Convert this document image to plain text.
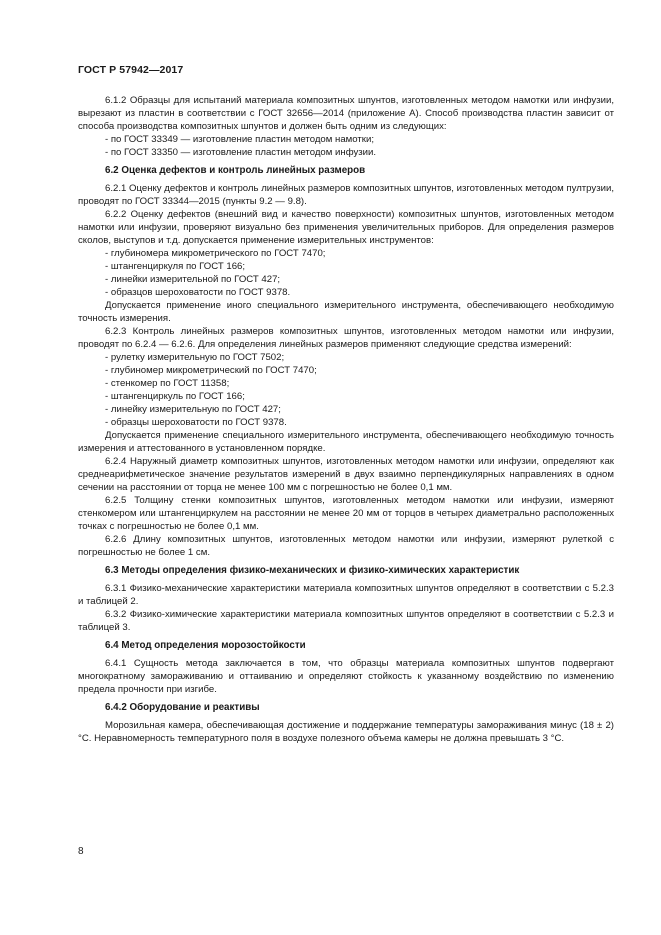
ГОСТ Р 57942—2017

6.1.2 Образцы для испытаний материала композитных шпунтов, изготовленных методом намотки или инфузии, вырезают из пластин в соответствии с ГОСТ 32656—2014 (приложение А). Способ производства пластин зависит от способа производства композитных шпунтов и должен быть одним из следующих:

- по ГОСТ 33349 — изготовление пластин методом намотки;

- по ГОСТ 33350 — изготовление пластин методом инфузии.

6.2 Оценка дефектов и контроль линейных размеров

6.2.1 Оценку дефектов и контроль линейных размеров композитных шпунтов, изготовленных методом пултрузии, проводят по ГОСТ 33344—2015 (пункты 9.2 — 9.8).

6.2.2 Оценку дефектов (внешний вид и качество поверхности) композитных шпунтов, изготовленных методом намотки или инфузии, проверяют визуально без применения увеличительных приборов. Для определения размеров сколов, выступов и т.д. допускается применение измерительных инструментов:

- глубиномера микрометрического по ГОСТ 7470;

- штангенциркуля по ГОСТ 166;

- линейки измерительной по ГОСТ 427;

- образцов шероховатости по ГОСТ 9378.

Допускается применение иного специального измерительного инструмента, обеспечивающего необходимую точность измерения.

6.2.3 Контроль линейных размеров композитных шпунтов, изготовленных методом намотки или инфузии, проводят по 6.2.4 — 6.2.6. Для определения линейных размеров применяют следующие средства измерений:

- рулетку измерительную по ГОСТ 7502;

- глубиномер микрометрический по ГОСТ 7470;

- стенкомер по ГОСТ 11358;

- штангенциркуль по ГОСТ 166;

- линейку измерительную по ГОСТ 427;

- образцы шероховатости по ГОСТ 9378.

Допускается применение специального измерительного инструмента, обеспечивающего необходимую точность измерения и аттестованного в установленном порядке.

6.2.4 Наружный диаметр композитных шпунтов, изготовленных методом намотки или инфузии, определяют как среднеарифметическое значение результатов измерений в двух взаимно перпендикулярных направлениях в одном сечении на расстоянии от торца не менее 100 мм с погрешностью не более 0,1 мм.

6.2.5 Толщину стенки композитных шпунтов, изготовленных методом намотки или инфузии, измеряют стенкомером или штангенциркулем на расстоянии не менее 20 мм от торцов в четырех диаметрально расположенных точках с погрешностью не более 0,1 мм.

6.2.6 Длину композитных шпунтов, изготовленных методом намотки или инфузии, измеряют рулеткой с погрешностью не более 1 см.

6.3 Методы определения физико-механических и физико-химических характеристик

6.3.1 Физико-механические характеристики материала композитных шпунтов определяют в соответствии с 5.2.3 и таблицей 2.

6.3.2 Физико-химические характеристики материала композитных шпунтов определяют в соответствии с 5.2.3 и таблицей 3.

6.4 Метод определения морозостойкости

6.4.1 Сущность метода заключается в том, что образцы материала композитных шпунтов подвергают многократному замораживанию и оттаиванию и определяют стойкость к указанному воздействию по изменению предела прочности при изгибе.

6.4.2 Оборудование и реактивы

Морозильная камера, обеспечивающая достижение и поддержание температуры замораживания минус (18 ± 2) °С. Неравномерность температурного поля в воздухе полезного объема камеры не должна превышать 3 °С.

8
